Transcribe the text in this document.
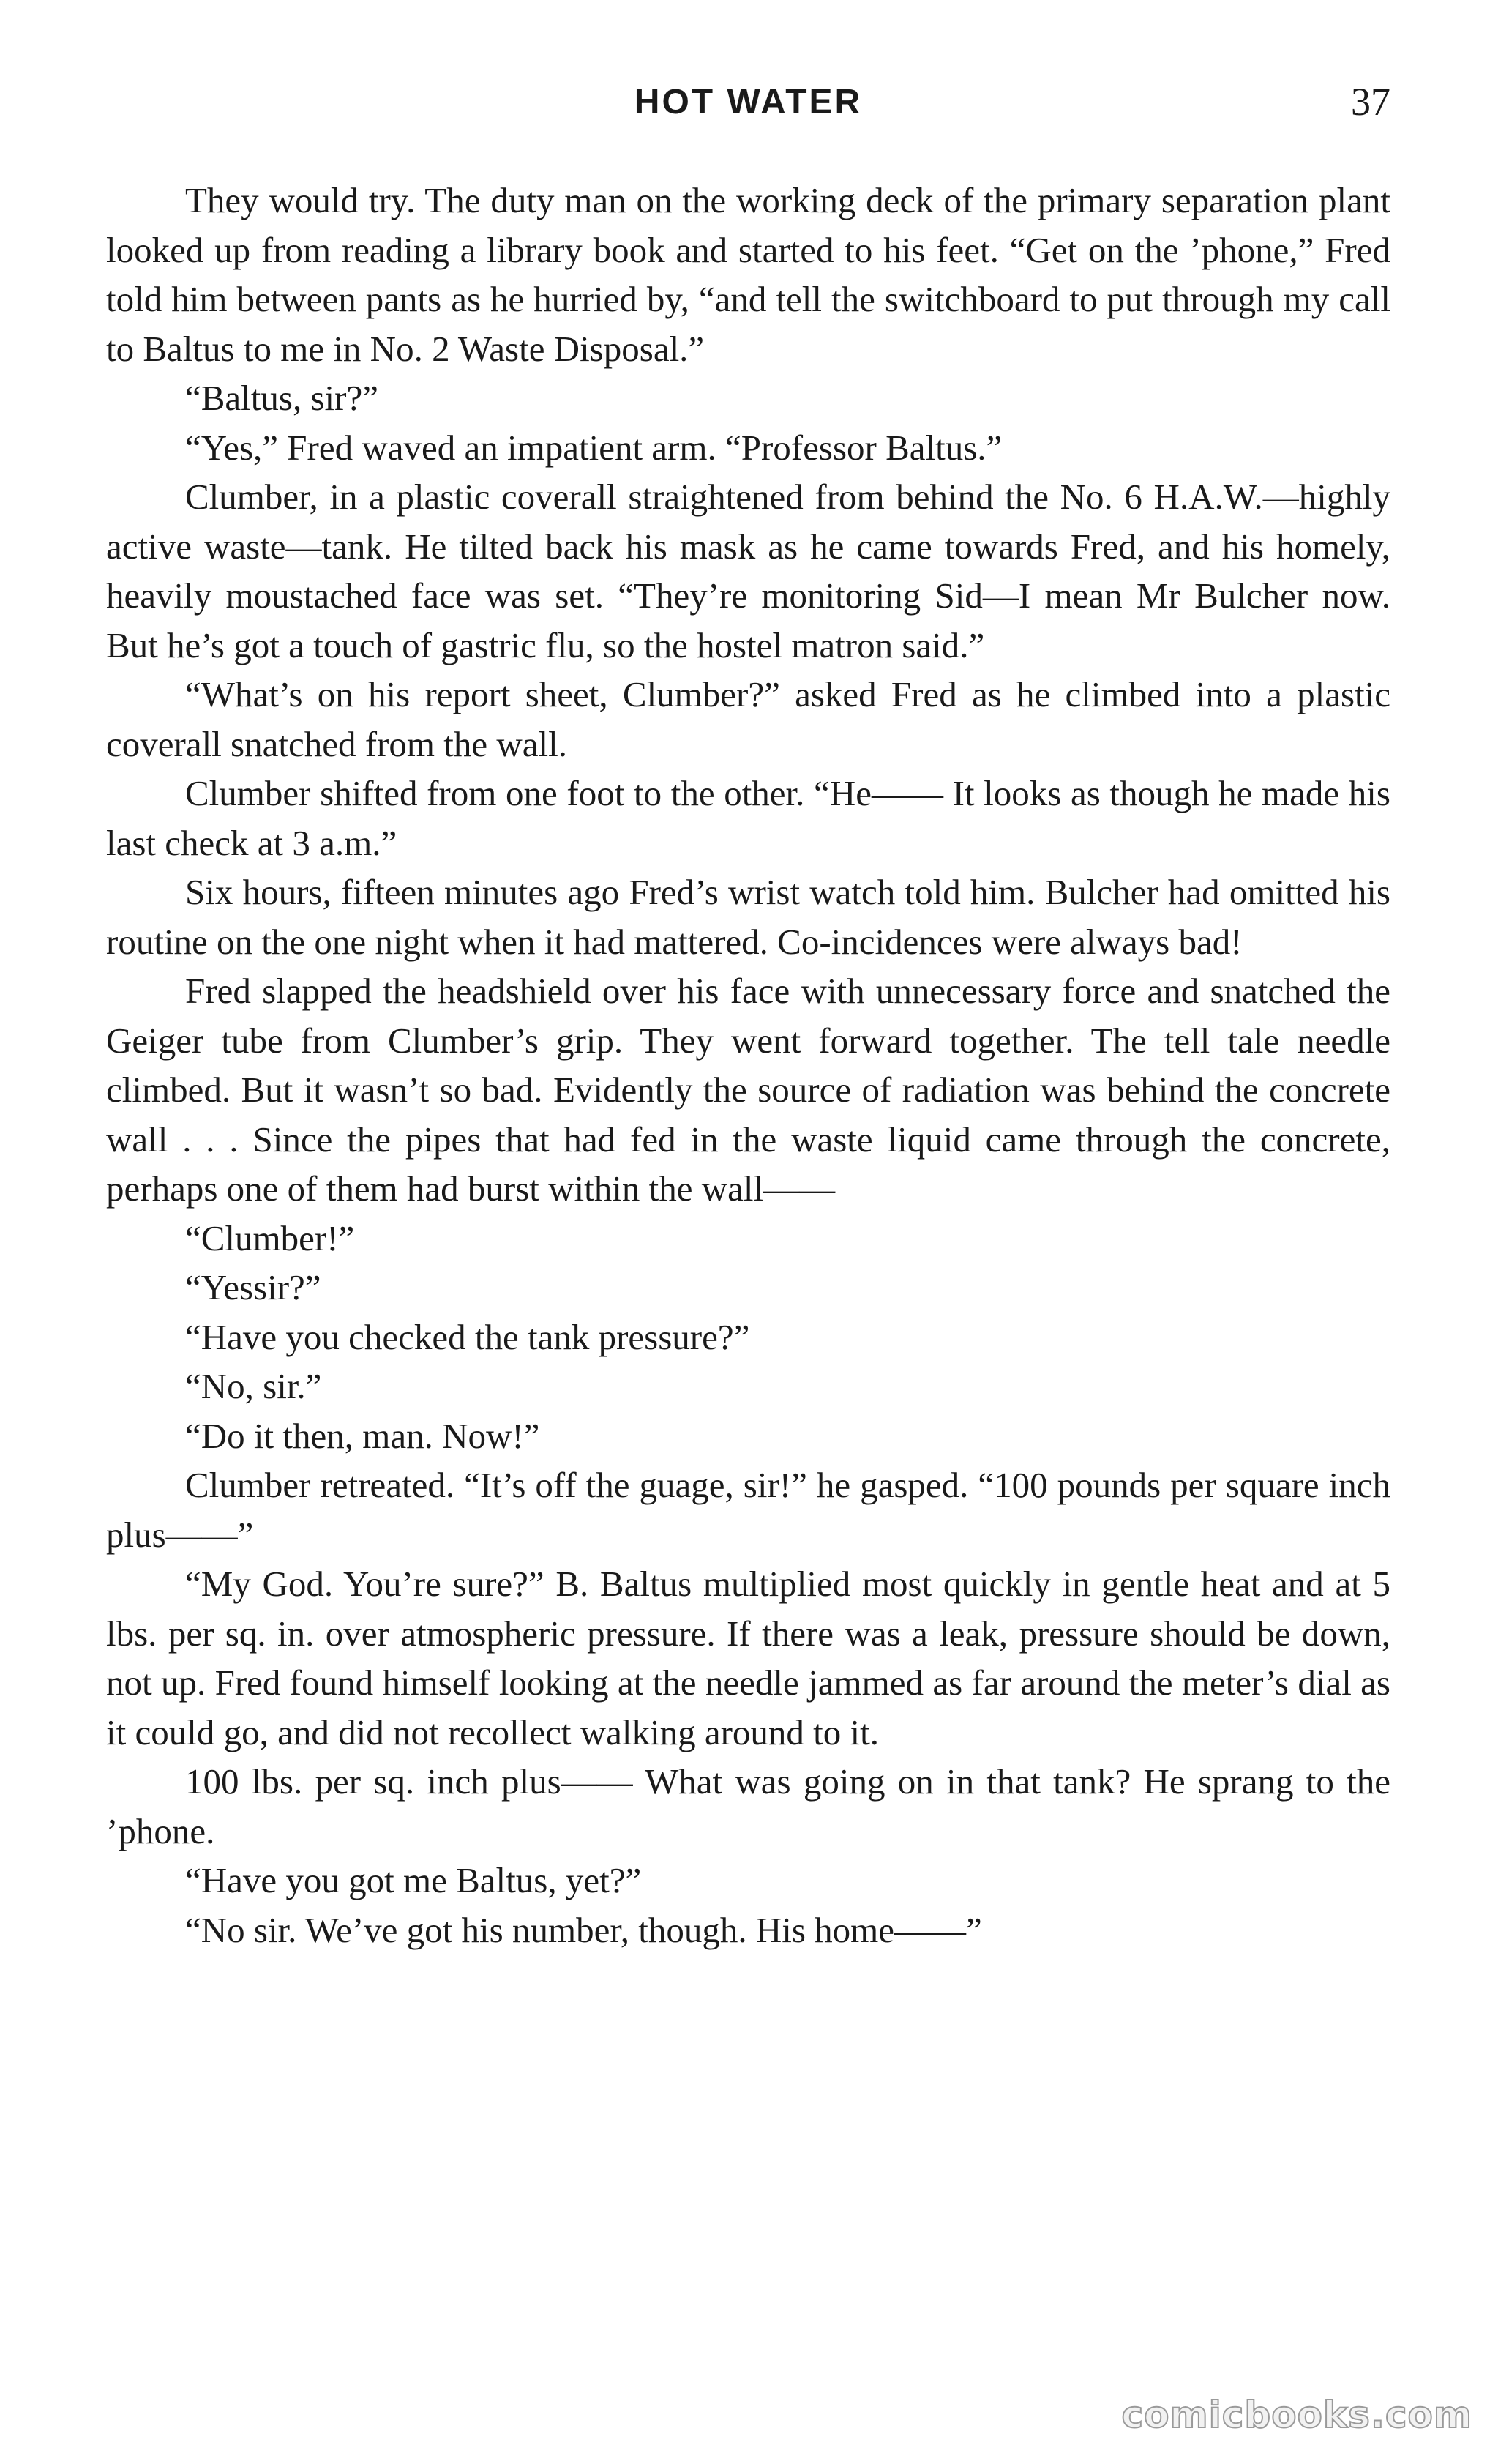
HOT WATER	37

They would try. The duty man on the working deck of the primary separation plant looked up from reading a library book and started to his feet. “Get on the ’phone,” Fred told him between pants as he hurried by, “and tell the switchboard to put through my call to Baltus to me in No. 2 Waste Disposal.”

“Baltus, sir?”

“Yes,” Fred waved an impatient arm. “Professor Baltus.”

Clumber, in a plastic coverall straightened from behind the No. 6 H.A.W.—highly active waste—tank. He tilted back his mask as he came towards Fred, and his homely, heavily moustached face was set. “They’re monitoring Sid—I mean Mr Bulcher now. But he’s got a touch of gastric flu, so the hostel matron said.”

“What’s on his report sheet, Clumber?” asked Fred as he climbed into a plastic coverall snatched from the wall.

Clumber shifted from one foot to the other. “He—— It looks as though he made his last check at 3 a.m.”

Six hours, fifteen minutes ago Fred’s wrist watch told him. Bulcher had omitted his routine on the one night when it had mattered. Co-incidences were always bad!

Fred slapped the headshield over his face with unnecessary force and snatched the Geiger tube from Clumber’s grip. They went forward together. The tell tale needle climbed. But it wasn’t so bad. Evidently the source of radiation was behind the concrete wall . . . Since the pipes that had fed in the waste liquid came through the concrete, perhaps one of them had burst within the wall——

“Clumber!”

“Yessir?”

“Have you checked the tank pressure?”

“No, sir.”

“Do it then, man. Now!”

Clumber retreated. “It’s off the guage, sir!” he gasped. “100 pounds per square inch plus——”

“My God. You’re sure?” B. Baltus multiplied most quickly in gentle heat and at 5 lbs. per sq. in. over atmospheric pressure. If there was a leak, pressure should be down, not up. Fred found himself looking at the needle jammed as far around the meter’s dial as it could go, and did not recollect walking around to it.

100 lbs. per sq. inch plus—— What was going on in that tank? He sprang to the ’phone.

“Have you got me Baltus, yet?”

“No sir. We’ve got his number, though. His home——”

comicbooks.com
